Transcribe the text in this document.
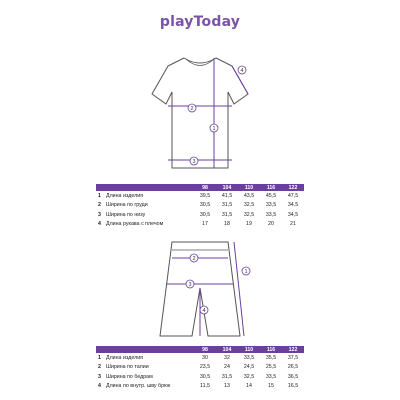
playToday
2
3
1
4
98	104	110	116	122
1 Длина изделия	39,5	41,5	43,5	45,5	47,5
2 Ширина по груди	30,5	31,5	32,5	33,5	34,5
3 Ширина по низу	30,5	31,5	32,5	33,5	34,5
4 Длина рукава с плечом	17	18	19	20	21
2
3
1
4
98	104	110	116	122
1 Длина изделия	30	32	33,5	35,5	37,5
2 Ширина по талии	23,5	24	24,5	25,5	26,5
3 Ширина по бедрам	30,5	31,5	32,5	33,5	36,5
4 Длина по внутр. шву брюк	11,5	13	14	15	16,5
